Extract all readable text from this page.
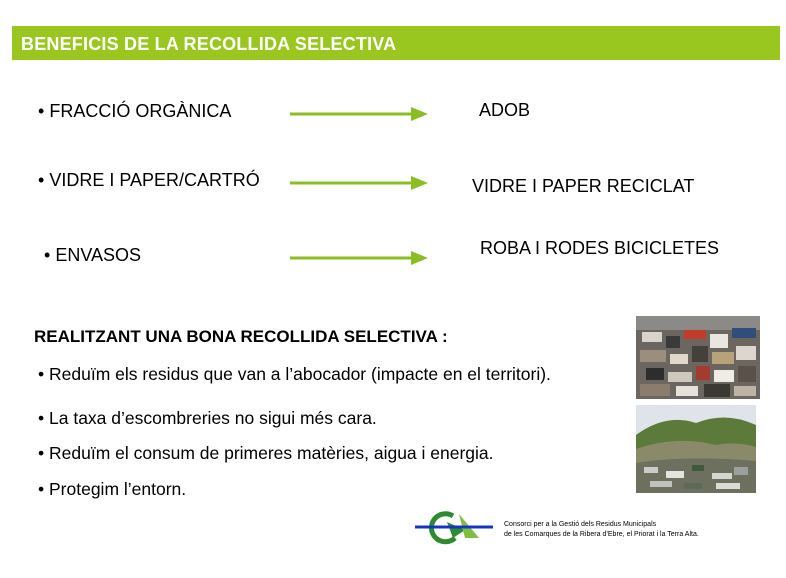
BENEFICIS DE LA RECOLLIDA SELECTIVA
• FRACCIÓ ORGÀNICA	ADOB
• VIDRE I PAPER/CARTRÓ	VIDRE I PAPER RECICLAT
• ENVASOS	ROBA I RODES BICICLETES
REALITZANT UNA BONA RECOLLIDA SELECTIVA :
• Reduïm els residus que van a l’abocador (impacte en el territori).
• La taxa d’escombreries no sigui més cara.
• Reduïm el consum de primeres matèries, aigua i energia.
• Protegim l’entorn.
Consorci per a la Gestió dels Residus Municipals
de les Comarques de la Ribera d’Ebre, el Priorat i la Terra Alta.
